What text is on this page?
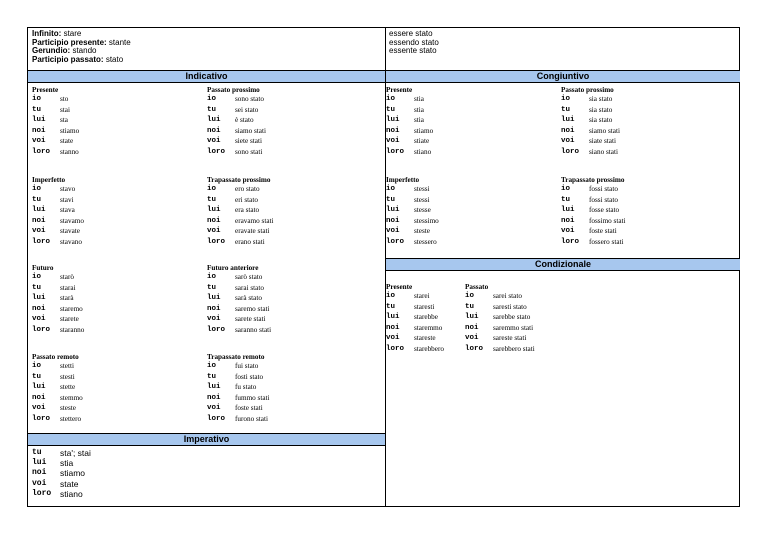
Infinito: stare
Participio presente: stante
Gerundio: stando
Participio passato: stato
essere stato
essendo stato
essente stato
Indicativo	Congiuntivo
Condizionale
Imperativo
Presente
io	sto
tu	stai
lui sta
noi stiamo
voi state
loro stanno
Passato prossimo
io	sono stato
tu	sei stato
lui è stato
noi siamo stati
voi siete stati
loro sono stati
Imperfetto
io	stavo
tu	stavi
lui stava
noi stavamo
voi stavate
loro stavano
Trapassato prossimo
io	ero stato
tu	eri stato
lui era stato
noi eravamo stati
voi eravate stati
loro erano stati
Futuro
io	starò
tu	starai
lui starà
noi staremo
voi starete
loro staranno
Futuro anteriore
io	sarò stato
tu	sarai stato
lui sarà stato
noi saremo stati
voi sarete stati
loro saranno stati
Passato remoto
io	stetti
tu	stesti
lui stette
noi stemmo
voi steste
loro stettero
Trapassato remoto
io	fui stato
tu	fosti stato
lui fu stato
noi fummo stati
voi foste stati
loro furono stati
Presente
io	stia
tu	stia
lui stia
noi stiamo
voi stiate
loro stiano
Passato prossimo
io	sia stato
tu	sia stato
lui sia stato
noi siamo stati
voi siate stati
loro siano stati
Imperfetto
io	stessi
tu	stessi
lui stesse
noi stessimo
voi steste
loro stessero
Trapassato prossimo
io	fossi stato
tu	fossi stato
lui fosse stato
noi fossimo stati
voi foste stati
loro fossero stati
Presente
io	starei
tu	staresti
lui starebbe
noi staremmo
voi stareste
loro starebbero
Passato
io	sarei stato
tu	saresti stato
lui sarebbe stato
noi saremmo stati
voi sareste stati
loro sarebbero stati
tu sta'; stai
lui stia
noi stiamo
voi state
loro stiano
